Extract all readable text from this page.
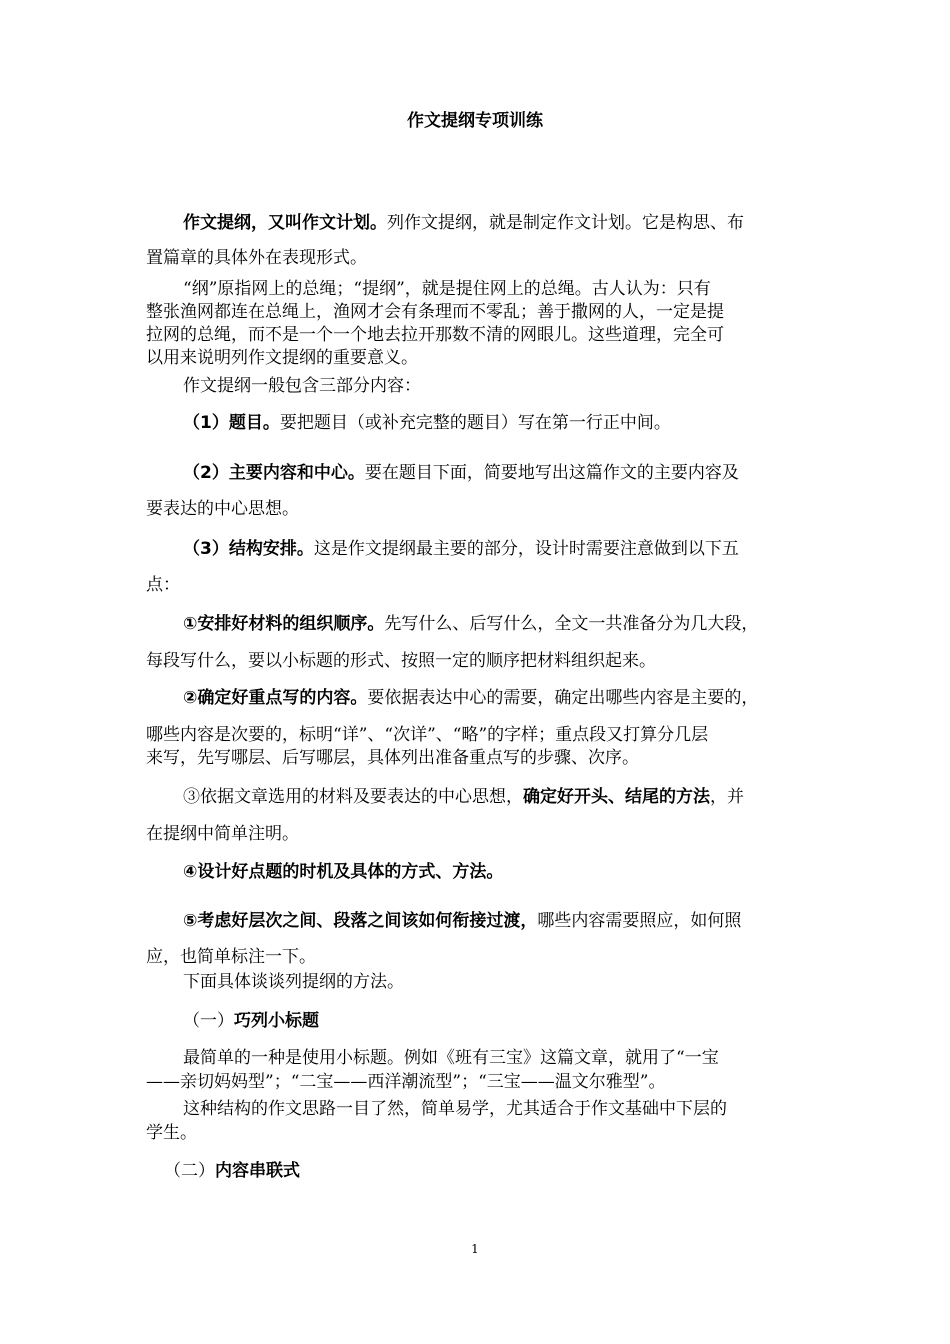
作文提纲专项训练
作文提纲，又叫作文计划。列作文提纲，就是制定作文计划。它是构思、布
置篇章的具体外在表现形式。
“纲”原指网上的总绳；“提纲”，就是提住网上的总绳。古人认为：只有
整张渔网都连在总绳上，渔网才会有条理而不零乱；善于撒网的人，一定是提
拉网的总绳，而不是一个一个地去拉开那数不清的网眼儿。这些道理，完全可
以用来说明列作文提纲的重要意义。
作文提纲一般包含三部分内容：
（1）题目。要把题目（或补充完整的题目）写在第一行正中间。
（2）主要内容和中心。要在题目下面，简要地写出这篇作文的主要内容及
要表达的中心思想。
（3）结构安排。这是作文提纲最主要的部分，设计时需要注意做到以下五
点：
①安排好材料的组织顺序。先写什么、后写什么，全文一共准备分为几大段，
每段写什么，要以小标题的形式、按照一定的顺序把材料组织起来。
②确定好重点写的内容。要依据表达中心的需要，确定出哪些内容是主要的，
哪些内容是次要的，标明“详”、“次详”、“略”的字样；重点段又打算分几层
来写，先写哪层、后写哪层，具体列出准备重点写的步骤、次序。
③依据文章选用的材料及要表达的中心思想，确定好开头、结尾的方法，并
在提纲中简单注明。
④设计好点题的时机及具体的方式、方法。
⑤考虑好层次之间、段落之间该如何衔接过渡，哪些内容需要照应，如何照
应，也简单标注一下。
下面具体谈谈列提纲的方法。
（一）巧列小标题
最简单的一种是使用小标题。例如《班有三宝》这篇文章，就用了“一宝
——亲切妈妈型”；“二宝——西洋潮流型”；“三宝——温文尔雅型”。
这种结构的作文思路一目了然，简单易学，尤其适合于作文基础中下层的
学生。
（二）内容串联式
1
